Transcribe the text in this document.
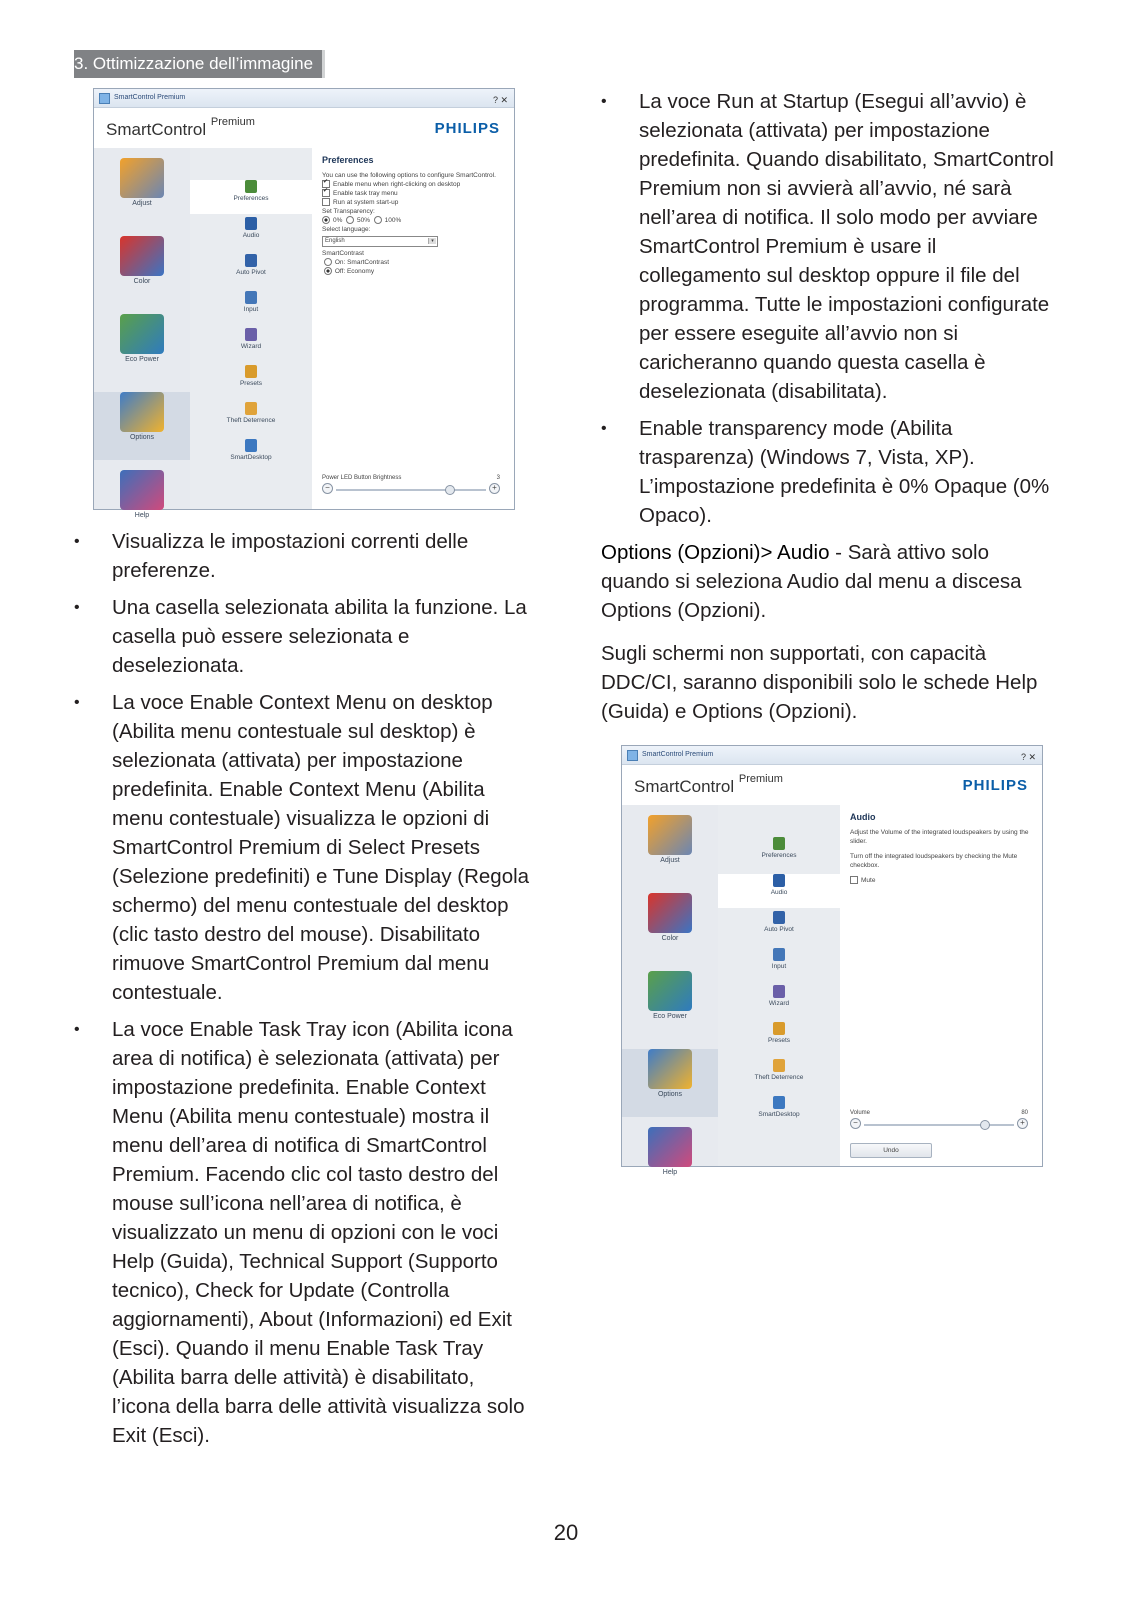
3. Ottimizzazione dell’immagine
SmartControl Premium	? ✕
SmartControl $^{Premium}$	PHILIPS
Adjust
Color
Eco Power
Options
Help
Preferences
Audio
Auto Pivot
Input
Wizard
Presets
Theft Deterrence
SmartDesktop
Preferences
You can use the following options to configure SmartControl.
✔Enable menu when right-clicking on desktop
✔Enable task tray menu
Run at system start-up
Set Transparency:
0% 50% 100%
Select language:
English	▾
SmartContrast
On: SmartContrast
Off: Economy
Power LED Button Brightness	3
−	+
• Visualizza le impostazioni correnti delle preferenze.
• Una casella selezionata abilita la funzione. La casella può essere selezionata e deselezionata.
• La voce Enable Context Menu on desktop (Abilita menu contestuale sul desktop) è selezionata (attivata) per impostazione predefinita. Enable Context Menu (Abilita menu contestuale) visualizza le opzioni di SmartControl Premium di Select Presets (Selezione predefiniti) e Tune Display (Regola schermo) del menu contestuale del desktop (clic tasto destro del mouse). Disabilitato rimuove SmartControl Premium dal menu contestuale.
• La voce Enable Task Tray icon (Abilita icona area di notifica) è selezionata (attivata) per impostazione predefinita. Enable Context Menu (Abilita menu contestuale) mostra il menu dell’area di notifica di SmartControl Premium. Facendo clic col tasto destro del mouse sull’icona nell’area di notifica, è visualizzato un menu di opzioni con le voci Help (Guida), Technical Support (Supporto tecnico), Check for Update (Controlla aggiornamenti), About (Informazioni) ed Exit (Esci). Quando il menu Enable Task Tray (Abilita barra delle attività) è disabilitato, l’icona della barra delle attività visualizza solo Exit (Esci).
• La voce Run at Startup (Esegui all’avvio) è selezionata (attivata) per impostazione predefinita. Quando disabilitato, SmartControl Premium non si avvierà all’avvio, né sarà nell’area di notifica. Il solo modo per avviare SmartControl Premium è usare il collegamento sul desktop oppure il file del programma. Tutte le impostazioni configurate per essere eseguite all’avvio non si caricheranno quando questa casella è deselezionata (disabilitata).
• Enable transparency mode (Abilita trasparenza) (Windows 7, Vista, XP). L’impostazione predefinita è 0% Opaque (0% Opaco).

Options (Opzioni)> Audio - Sarà attivo solo quando si seleziona Audio dal menu a discesa Options (Opzioni).

Sugli schermi non supportati, con capacità DDC/CI, saranno disponibili solo le schede Help (Guida) e Options (Opzioni).

SmartControl Premium	? ✕
SmartControl $^{Premium}$	PHILIPS
Adjust
Color
Eco Power
Options
Help
Preferences
Audio
Auto Pivot
Input
Wizard
Presets
Theft Deterrence
SmartDesktop
Audio
Adjust the Volume of the integrated loudspeakers by using the slider.
Turn off the integrated loudspeakers by checking the Mute checkbox.
Mute
Volume	80
−	+
Undo
20
